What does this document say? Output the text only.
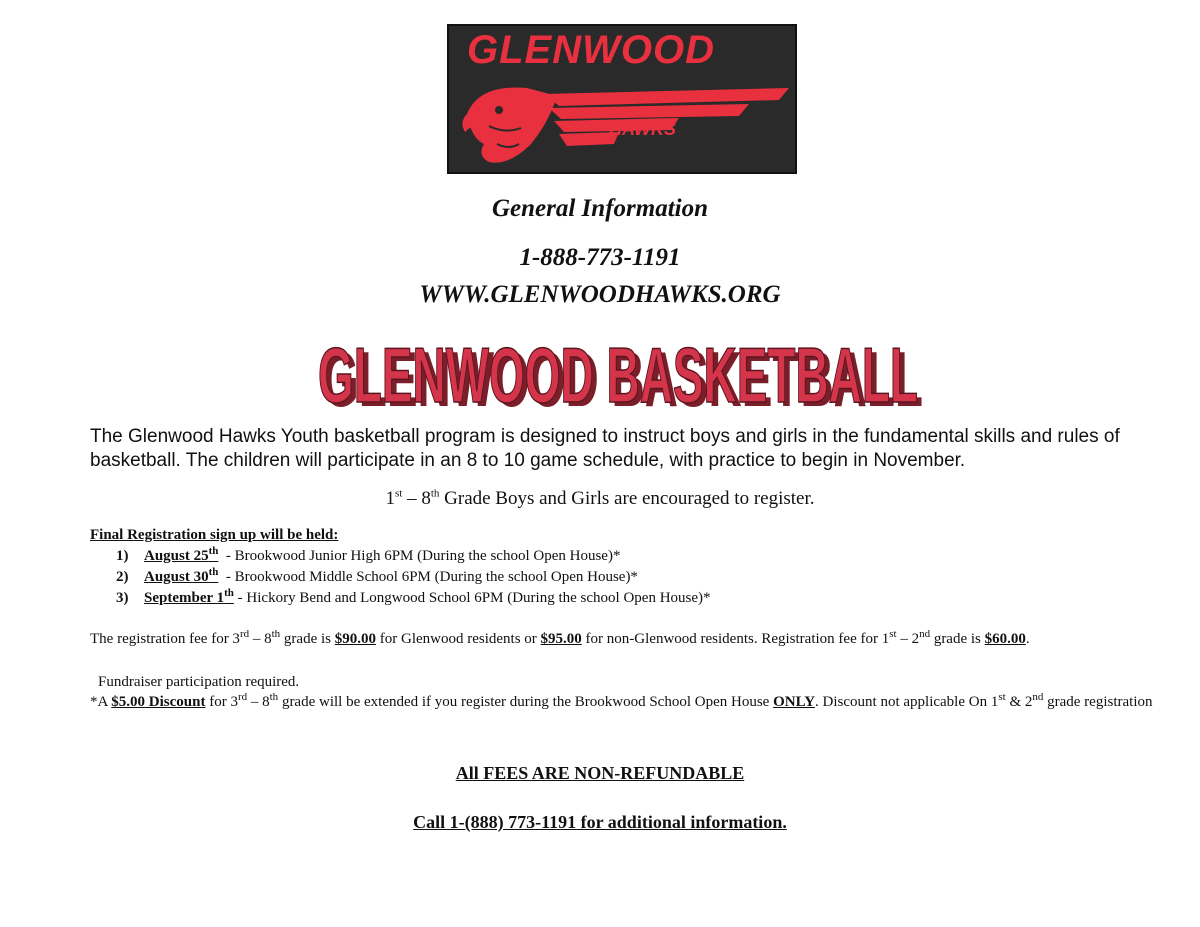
GLENWOOD
HAWKS
General Information
1-888-773-1191
WWW.GLENWOODHAWKS.ORG
GLENWOOD BASKETBALL
GLENWOOD BASKETBALL
The Glenwood Hawks Youth basketball program is designed to instruct boys and girls in the fundamental skills and rules of basketball. The children will participate in an 8 to 10 game schedule, with practice to begin in November.
1st – 8th Grade Boys and Girls are encouraged to register.
Final Registration sign up will be held:
1) August 25th  - Brookwood Junior High 6PM (During the school Open House)*
2) August 30th  - Brookwood Middle School 6PM (During the school Open House)*
3) September 1th - Hickory Bend and Longwood School 6PM (During the school Open House)*
The registration fee for 3rd – 8th grade is $90.00 for Glenwood residents or $95.00 for non-Glenwood residents. Registration fee for 1st – 2nd grade is $60.00.
Fundraiser participation required.
*A $5.00 Discount for 3rd – 8th grade will be extended if you register during the Brookwood School Open House ONLY. Discount not applicable On 1st & 2nd grade registration
All FEES ARE NON-REFUNDABLE
Call 1-(888) 773-1191 for additional information.
